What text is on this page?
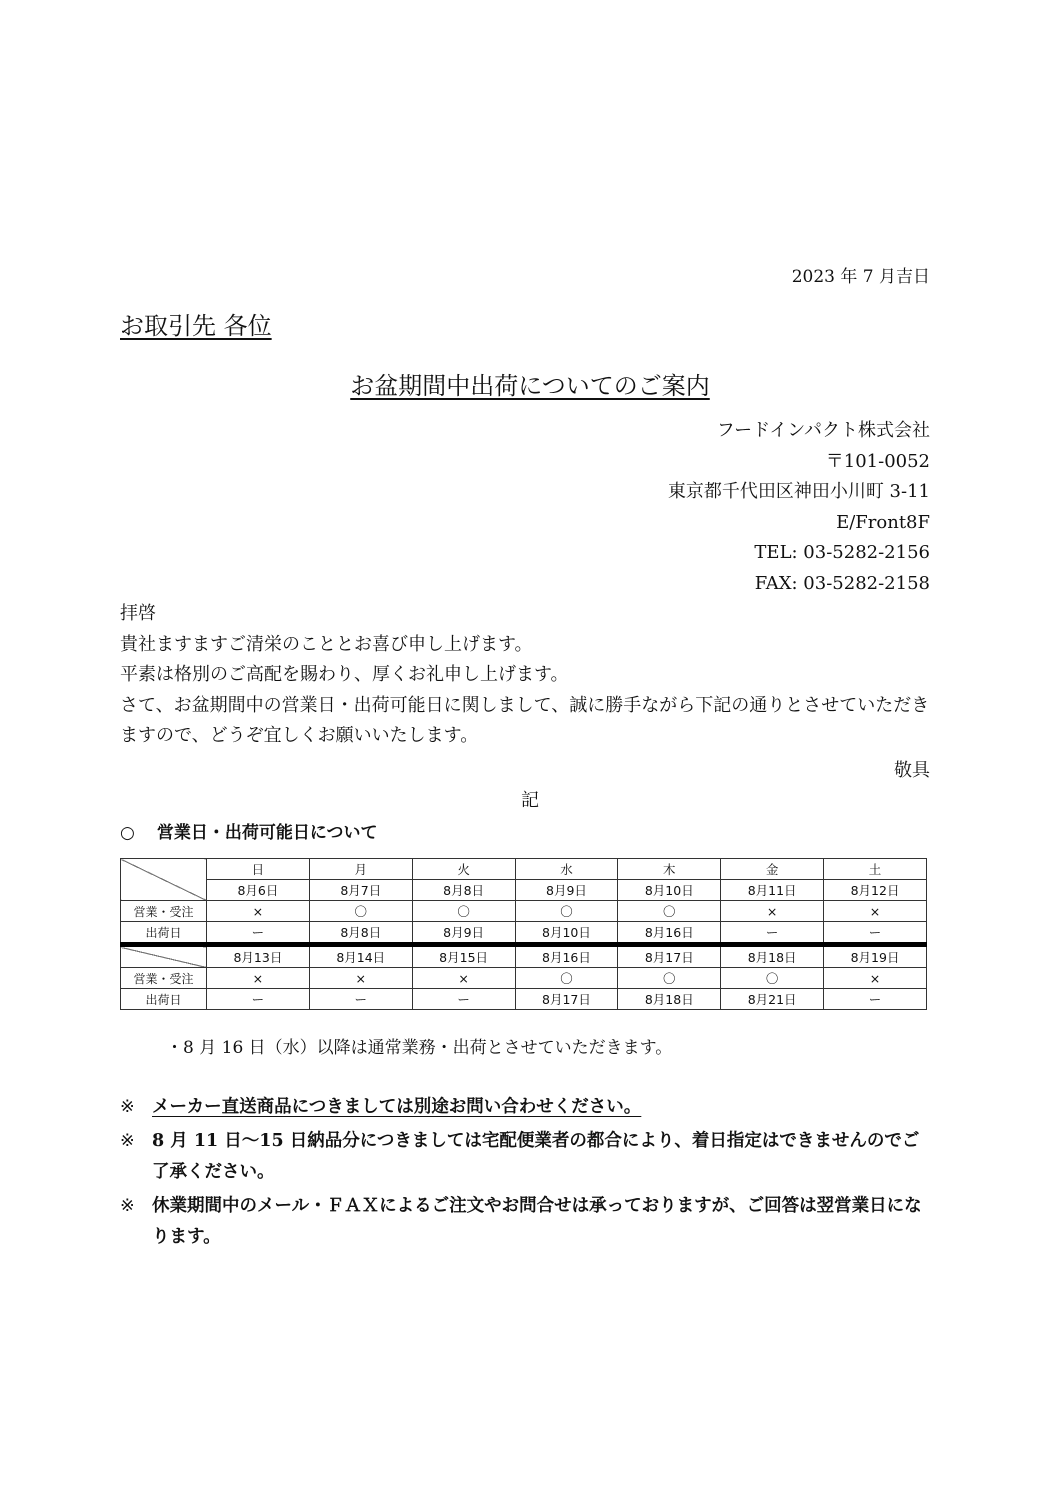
2023 年 7 月吉日
お取引先 各位
お盆期間中出荷についてのご案内
フードインパクト株式会社
〒101-0052
東京都千代田区神田小川町 3-11
E/Front8F
TEL: 03-5282-2156
FAX: 03-5282-2158

拝啓

貴社ますますご清栄のこととお喜び申し上げます。

平素は格別のご高配を賜わり、厚くお礼申し上げます。

さて、お盆期間中の営業日・出荷可能日に関しまして、誠に勝手ながら下記の通りとさせていただきますので、どうぞ宜しくお願いいたします。

敬具
記
○ 営業日・出荷可能日について
	日	月	火	水	木	金	土
	8月6日	8月7日	8月8日	8月9日	8月10日	8月11日	8月12日
営業・受注	×	〇	〇	〇	〇	×	×
出荷日	ー	8月8日	8月9日	8月10日	8月16日	ー	ー
	8月13日	8月14日	8月15日	8月16日	8月17日	8月18日	8月19日
営業・受注	×	×	×	〇	〇	〇	×
出荷日	ー	ー	ー	8月17日	8月18日	8月21日	ー
・8 月 16 日（水）以降は通常業務・出荷とさせていただきます。
※ メーカー直送商品につきましては別途お問い合わせください。
※ 8 月 11 日〜15 日納品分につきましては宅配便業者の都合により、着日指定はできませんのでご了承ください。
※ 休業期間中のメール・ＦＡＸによるご注文やお問合せは承っておりますが、ご回答は翌営業日になります。
